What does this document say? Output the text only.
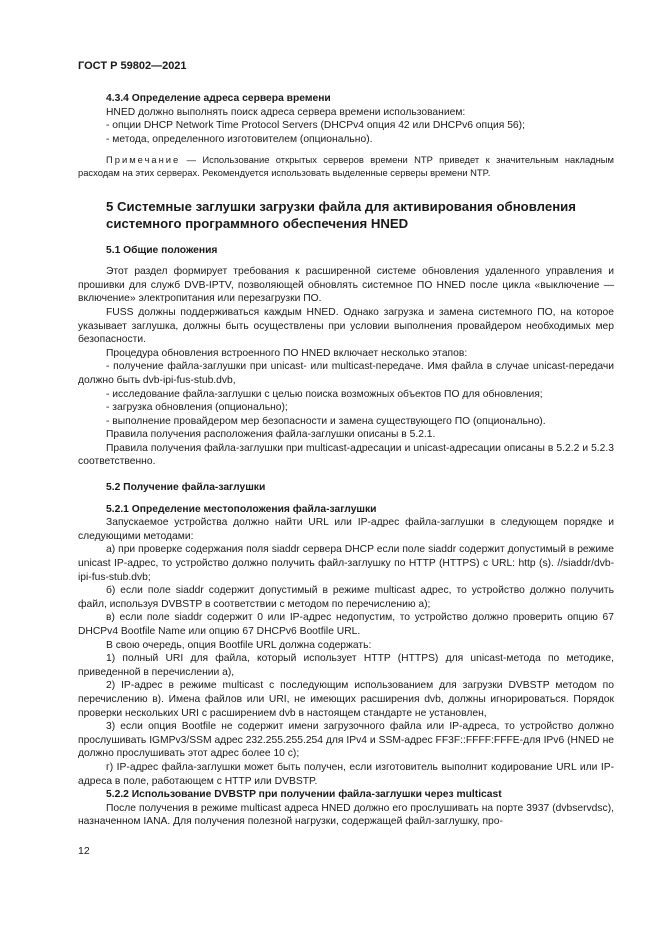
ГОСТ Р 59802—2021

4.3.4 Определение адреса сервера времени

HNED должно выполнять поиск адреса сервера времени использованием:

- опции DHCP Network Time Protocol Servers (DHCPv4 опция 42 или DHCPv6 опция 56);

- метода, определенного изготовителем (опционально).

Примечание — Использование открытых серверов времени NTP приведет к значительным накладным расходам на этих серверах. Рекомендуется использовать выделенные серверы времени NTP.

5 Системные заглушки загрузки файла для активирования обновления системного программного обеспечения HNED

5.1 Общие положения

Этот раздел формирует требования к расширенной системе обновления удаленного управления и прошивки для служб DVB-IPTV, позволяющей обновлять системное ПО HNED после цикла «выключение — включение» электропитания или перезагрузки ПО.

FUSS должны поддерживаться каждым HNED. Однако загрузка и замена системного ПО, на которое указывает заглушка, должны быть осуществлены при условии выполнения провайдером необходимых мер безопасности.

Процедура обновления встроенного ПО HNED включает несколько этапов:

- получение файла-заглушки при unicast- или multicast-передаче. Имя файла в случае unicast-передачи должно быть dvb-ipi-fus-stub.dvb,

- исследование файла-заглушки с целью поиска возможных объектов ПО для обновления;

- загрузка обновления (опционально);

- выполнение провайдером мер безопасности и замена существующего ПО (опционально).

Правила получения расположения файла-заглушки описаны в 5.2.1.

Правила получения файла-заглушки при multicast-адресации и unicast-адресации описаны в 5.2.2 и 5.2.3 соответственно.

5.2 Получение файла-заглушки

5.2.1 Определение местоположения файла-заглушки

Запускаемое устройства должно найти URL или IP-адрес файла-заглушки в следующем порядке и следующими методами:

а) при проверке содержания поля siaddr сервера DHCP если поле siaddr содержит допустимый в режиме unicast IP-адрес, то устройство должно получить файл-заглушку по HTTP (HTTPS) с URL: http (s). //siaddr/dvb-ipi-fus-stub.dvb;

б) если поле siaddr содержит допустимый в режиме multicast адрес, то устройство должно получить файл, используя DVBSTP в соответствии с методом по перечислению а);

в) если поле siaddr содержит 0 или IP-адрес недопустим, то устройство должно проверить опцию 67 DHCPv4 Bootfile Name или опцию 67 DHCPv6 Bootfile URL.

В свою очередь, опция Bootfile URL должна содержать:

1) полный URI для файла, который использует HTTP (HTTPS) для unicast-метода по методике, приведенной в перечислении а),

2) IP-адрес в режиме multicast с последующим использованием для загрузки DVBSTP методом по перечислению в). Имена файлов или URI, не имеющих расширения dvb, должны игнорироваться. Порядок проверки нескольких URI с расширением dvb в настоящем стандарте не установлен,

3) если опция Bootfile не содержит имени загрузочного файла или IP-адреса, то устройство должно прослушивать IGMPv3/SSM адрес 232.255.255.254 для IPv4 и SSM-адрес FF3F::FFFF:FFFE-для IPv6 (HNED не должно прослушивать этот адрес более 10 с);

г) IP-адрес файла-заглушки может быть получен, если изготовитель выполнит кодирование URL или IP-адреса в поле, работающем с HTTP или DVBSTP.

5.2.2 Использование DVBSTP при получении файла-заглушки через multicast

После получения в режиме multicast адреса HNED должно его прослушивать на порте 3937 (dvbservdsc), назначенном IANA. Для получения полезной нагрузки, содержащей файл-заглушку, про-

12
